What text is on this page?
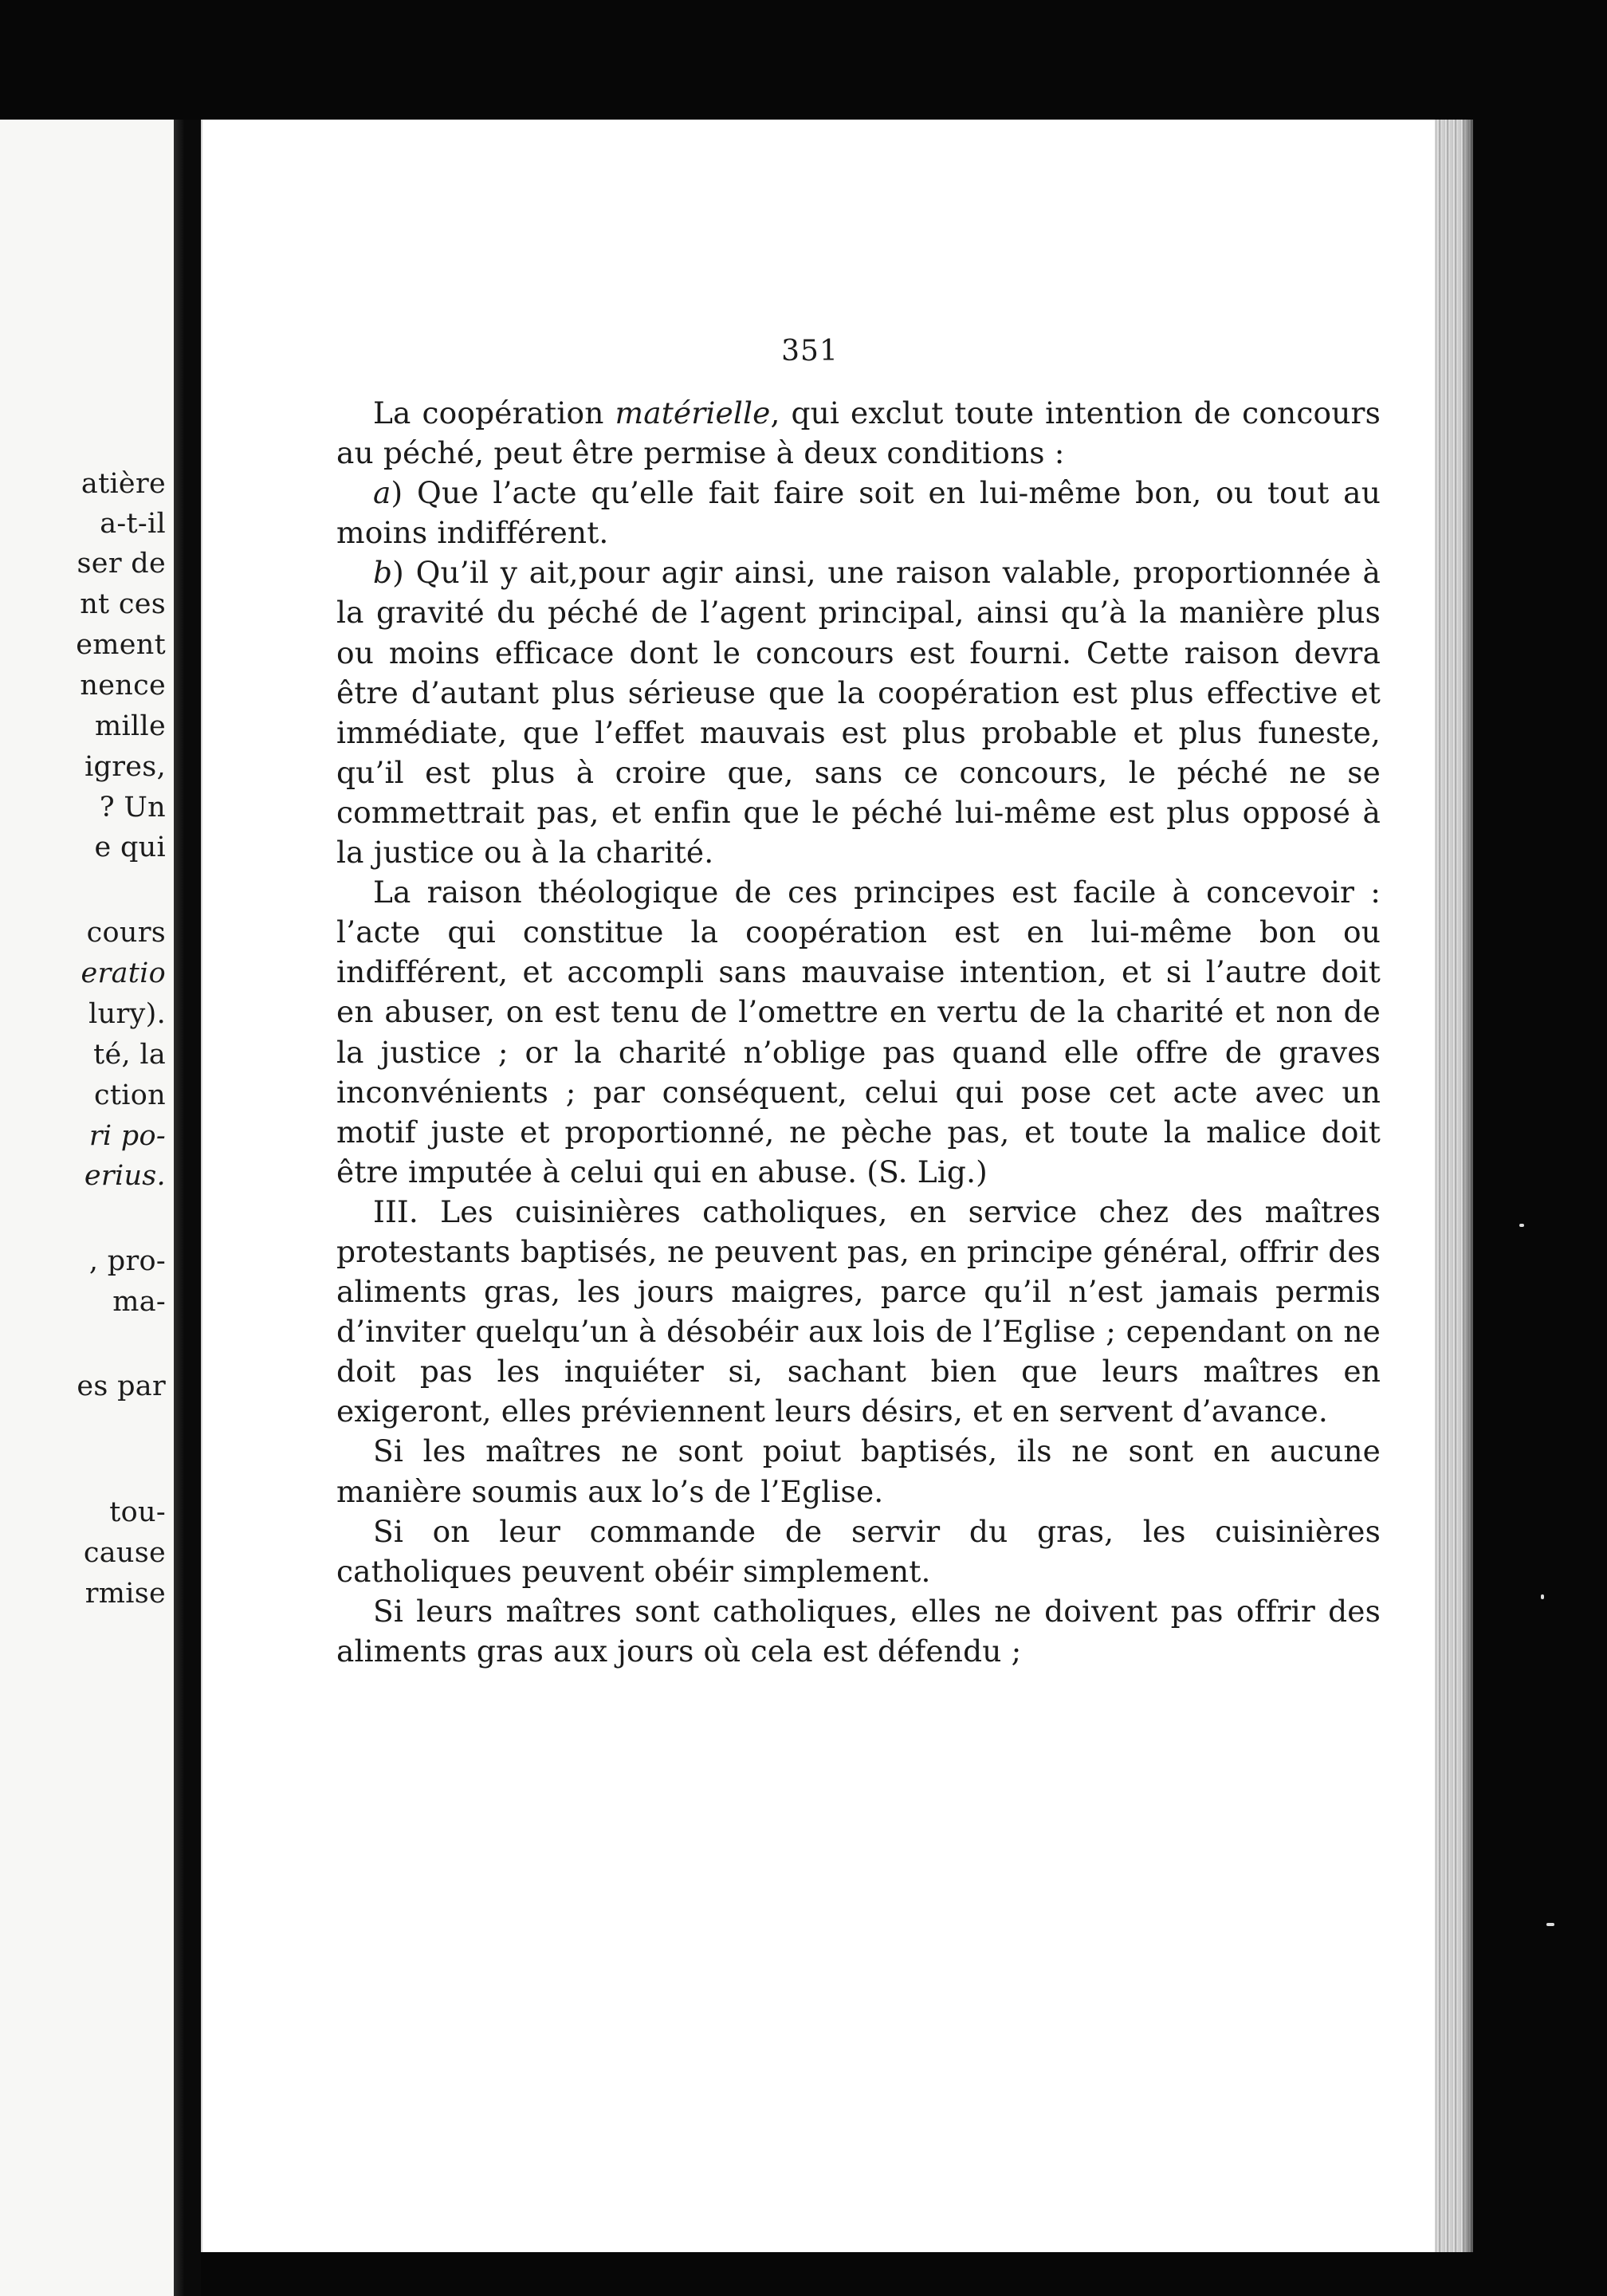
atière
a-t-il
ser de
nt ces
ement
nence
mille
igres,
? Un
e qui
cours
eratio
lury).
té, la
ction
ri po-
erius.
, pro-
ma-
es par
tou-
cause
rmise
351

La coopération matérielle, qui exclut toute intention de concours au péché, peut être permise à deux conditions :

a) Que l’acte qu’elle fait faire soit en lui-même bon, ou tout au moins indifférent.

b) Qu’il y ait,pour agir ainsi, une raison valable, proportionnée à la gravité du péché de l’agent principal, ainsi qu’à la manière plus ou moins efficace dont le concours est fourni. Cette raison devra être d’autant plus sérieuse que la coopération est plus effective et immédiate, que l’effet mauvais est plus probable et plus funeste, qu’il est plus à croire que, sans ce concours, le péché ne se commettrait pas, et enfin que le péché lui-même est plus opposé à la justice ou à la charité.

La raison théologique de ces principes est facile à concevoir : l’acte qui constitue la coopération est en lui-même bon ou indifférent, et accompli sans mauvaise intention, et si l’autre doit en abuser, on est tenu de l’omettre en vertu de la charité et non de la justice ; or la charité n’oblige pas quand elle offre de graves inconvénients ; par conséquent, celui qui pose cet acte avec un motif juste et proportionné, ne pèche pas, et toute la malice doit être imputée à celui qui en abuse. (S. Lig.)

III. Les cuisinières catholiques, en service chez des maîtres protestants baptisés, ne peuvent pas, en principe général, offrir des aliments gras, les jours maigres, parce qu’il n’est jamais permis d’inviter quelqu’un à désobéir aux lois de l’Eglise ; cependant on ne doit pas les inquiéter si, sachant bien que leurs maîtres en exigeront, elles préviennent leurs désirs, et en servent d’avance.

Si les maîtres ne sont poiut baptisés, ils ne sont en aucune manière soumis aux lo’s de l’Eglise.

Si on leur commande de servir du gras, les cuisinières catholiques peuvent obéir simplement.

Si leurs maîtres sont catholiques, elles ne doivent pas offrir des aliments gras aux jours où cela est défendu ;
